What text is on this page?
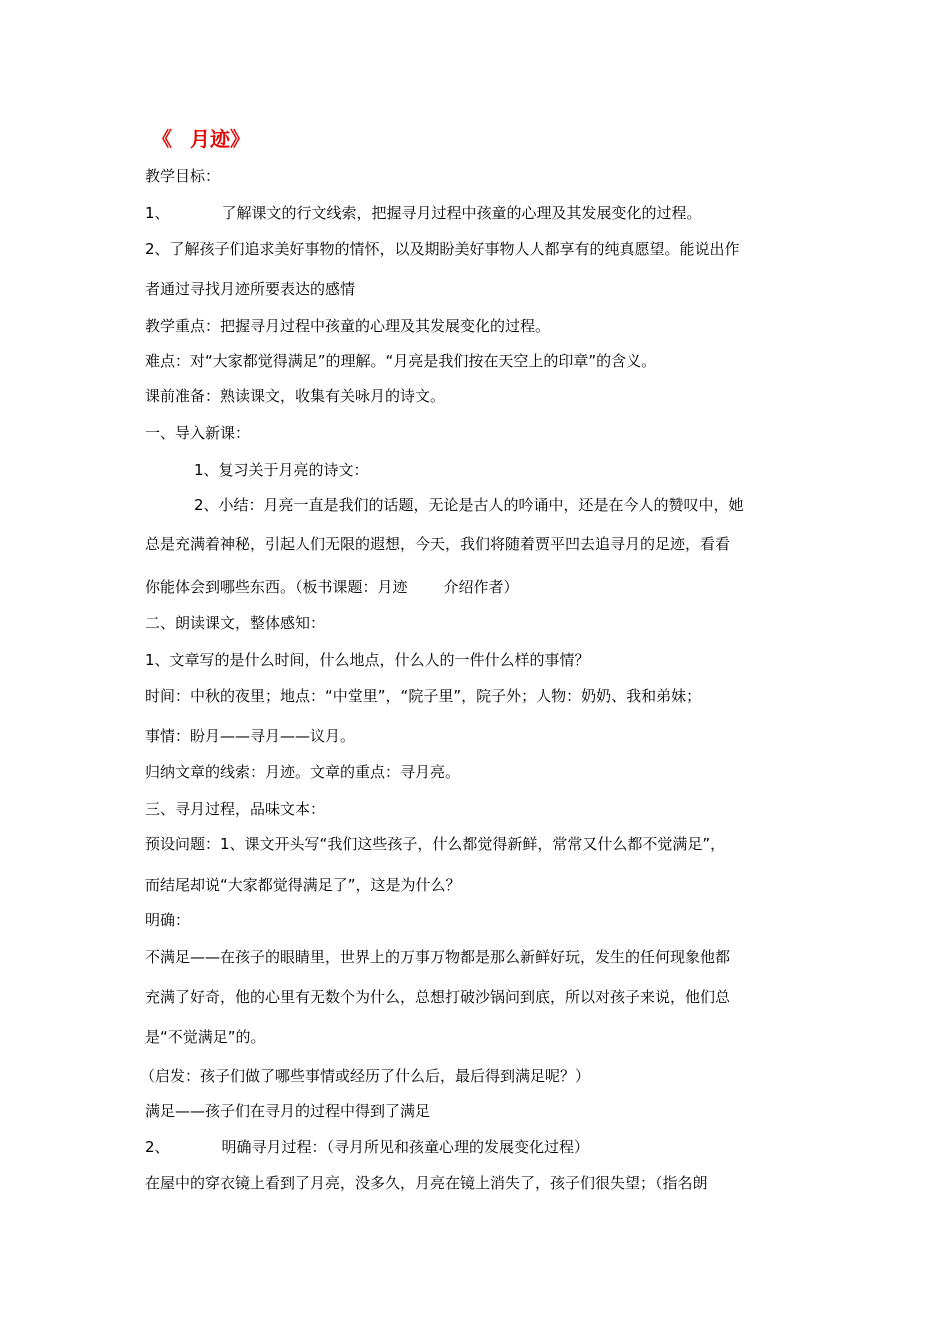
《 月迹》
教学目标：
1、	了解课文的行文线索，把握寻月过程中孩童的心理及其发展变化的过程。
2、了解孩子们追求美好事物的情怀，以及期盼美好事物人人都享有的纯真愿望。能说出作
者通过寻找月迹所要表达的感情
教学重点：把握寻月过程中孩童的心理及其发展变化的过程。
难点：对“大家都觉得满足”的理解。“月亮是我们按在天空上的印章”的含义。
课前准备：熟读课文，收集有关咏月的诗文。
一、导入新课：
1、复习关于月亮的诗文：
2、小结：月亮一直是我们的话题，无论是古人的吟诵中，还是在今人的赞叹中，她
总是充满着神秘，引起人们无限的遐想，今天，我们将随着贾平凹去追寻月的足迹，看看
你能体会到哪些东西。（板书课题：月迹 介绍作者）
二、朗读课文，整体感知：
1、文章写的是什么时间，什么地点，什么人的一件什么样的事情？
时间：中秋的夜里；地点：“中堂里”，“院子里”，院子外；人物：奶奶、我和弟妹；
事情：盼月——寻月——议月。
归纳文章的线索：月迹。文章的重点：寻月亮。
三、寻月过程，品味文本：
预设问题：1、课文开头写“我们这些孩子，什么都觉得新鲜，常常又什么都不觉满足”，
而结尾却说“大家都觉得满足了”，这是为什么？
明确：
不满足——在孩子的眼睛里，世界上的万事万物都是那么新鲜好玩，发生的任何现象他都
充满了好奇，他的心里有无数个为什么，总想打破沙锅问到底，所以对孩子来说，他们总
是“不觉满足”的。
（启发：孩子们做了哪些事情或经历了什么后，最后得到满足呢？）
满足——孩子们在寻月的过程中得到了满足
2、	明确寻月过程：（寻月所见和孩童心理的发展变化过程）
在屋中的穿衣镜上看到了月亮，没多久，月亮在镜上消失了，孩子们很失望；（指名朗
